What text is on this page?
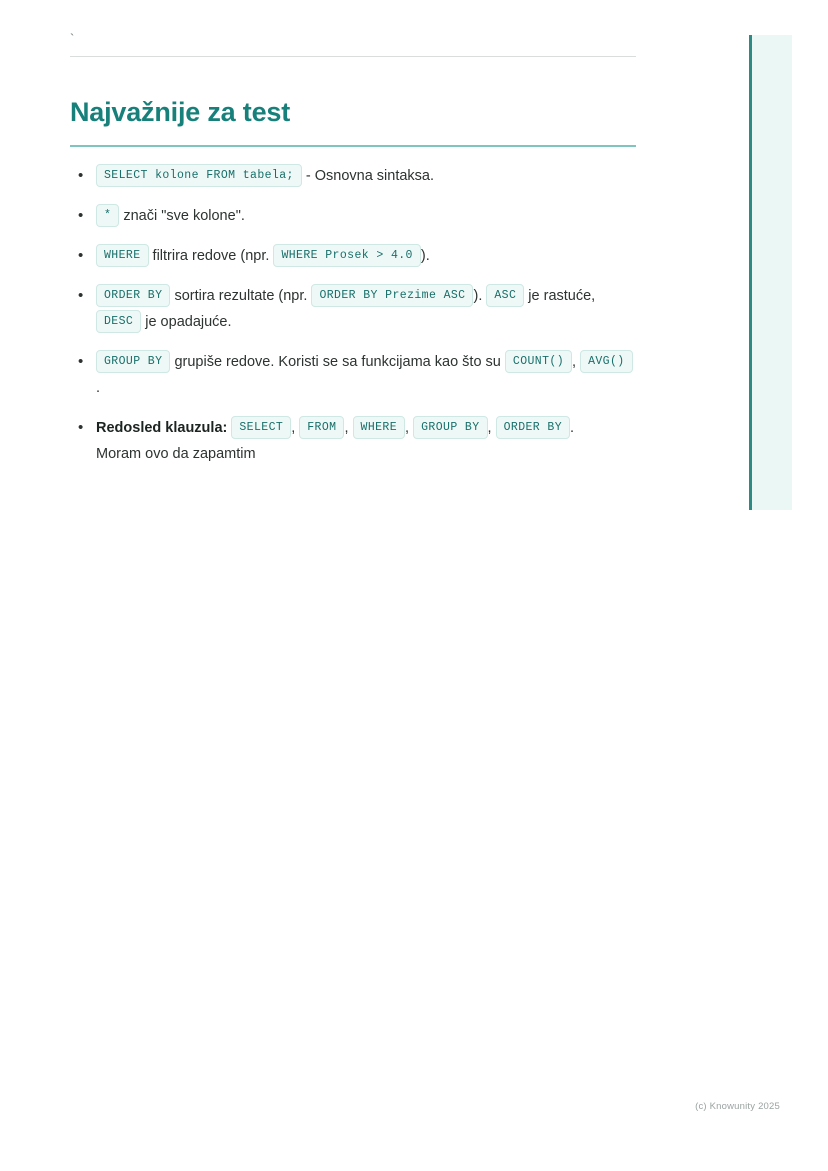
`
Najvažnije za test
• SELECT kolone FROM tabela; - Osnovna sintaksa.
• * znači "sve kolone".
• WHERE filtrira redove (npr. WHERE Prosek > 4.0 ).
• ORDER BY sortira rezultate (npr. ORDER BY Prezime ASC ). ASC je rastuće, DESC je opadajuće.
• GROUP BY grupiše redove. Koristi se sa funkcijama kao što su COUNT() , AVG().
• Redosled klauzula: SELECT , FROM , WHERE , GROUP BY , ORDER BY .
Moram ovo da zapamtim
(c) Knowunity 2025
